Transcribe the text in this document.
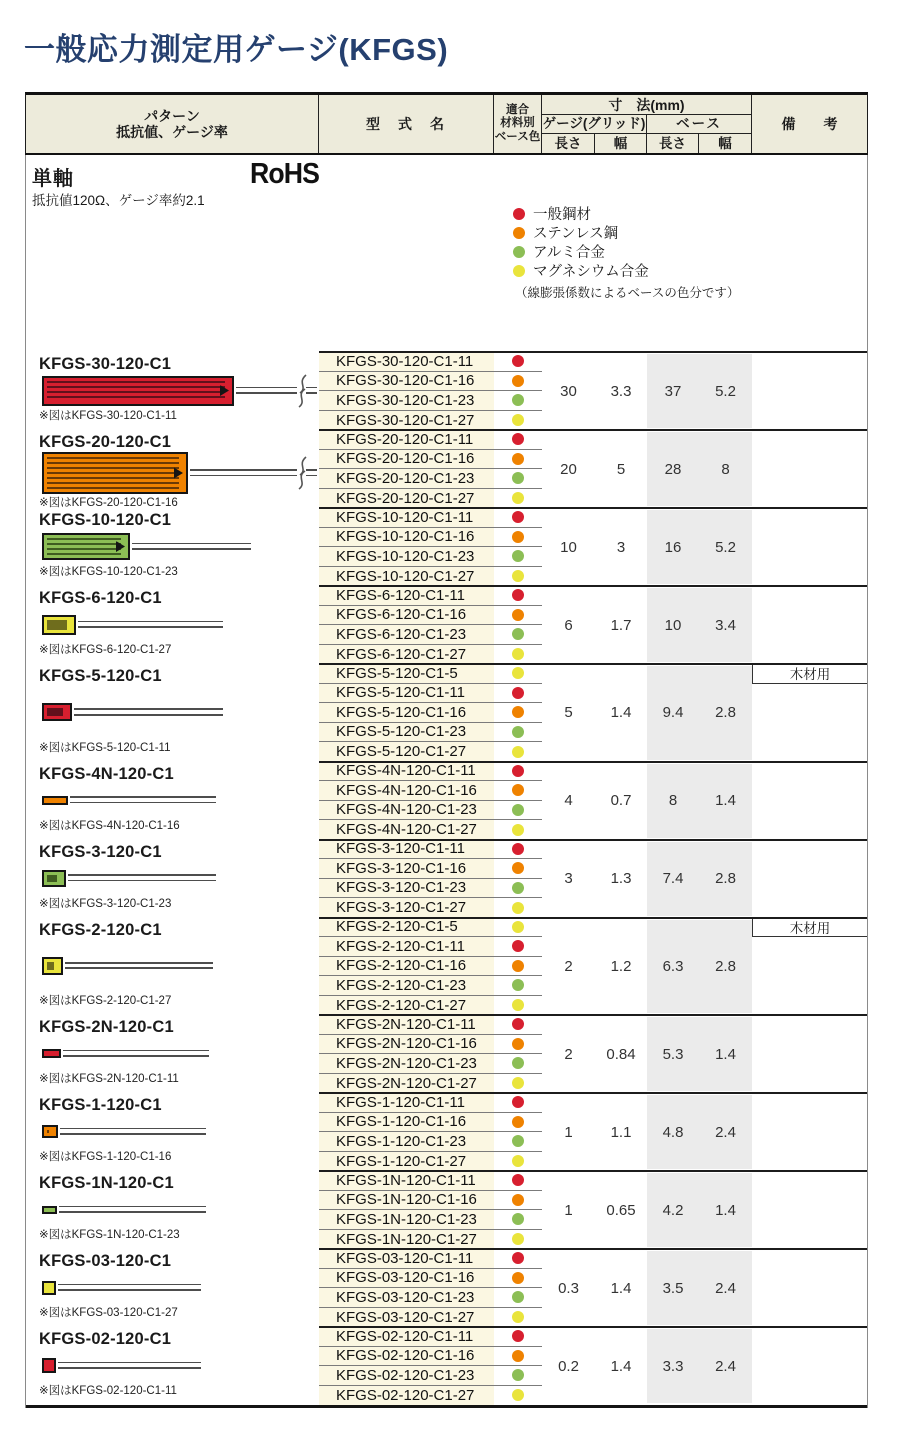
一般応力測定用ゲージ(KFGS)
パターン
抵抗値、ゲージ率	型　式　名
適合
材料別
ベース色
寸　法(mm)
ゲージ(グリッド)	ベース
長さ	幅	長さ	幅
備　　考
単軸
抵抗値120Ω、ゲージ率約2.1
RoHS
一般鋼材
ステンレス鋼
アルミ合金
マグネシウム合金
（線膨張係数によるベースの色分です）
KFGS-30-120-C1
※図はKFGS-30-120-C1-11
KFGS-30-120-C1-11
KFGS-30-120-C1-16
KFGS-30-120-C1-23
KFGS-30-120-C1-27
30	3.3	37	5.2
KFGS-20-120-C1
※図はKFGS-20-120-C1-16
KFGS-20-120-C1-11
KFGS-20-120-C1-16
KFGS-20-120-C1-23
KFGS-20-120-C1-27
20	5	28	8
KFGS-10-120-C1
※図はKFGS-10-120-C1-23
KFGS-10-120-C1-11
KFGS-10-120-C1-16
KFGS-10-120-C1-23
KFGS-10-120-C1-27
10	3	16	5.2
KFGS-6-120-C1
※図はKFGS-6-120-C1-27
KFGS-6-120-C1-11
KFGS-6-120-C1-16
KFGS-6-120-C1-23
KFGS-6-120-C1-27
6	1.7	10	3.4
KFGS-5-120-C1
※図はKFGS-5-120-C1-11
KFGS-5-120-C1-5	木材用
KFGS-5-120-C1-11
KFGS-5-120-C1-16
KFGS-5-120-C1-23
KFGS-5-120-C1-27
5	1.4	9.4	2.8
KFGS-4N-120-C1
※図はKFGS-4N-120-C1-16
KFGS-4N-120-C1-11
KFGS-4N-120-C1-16
KFGS-4N-120-C1-23
KFGS-4N-120-C1-27
4	0.7	8	1.4
KFGS-3-120-C1
※図はKFGS-3-120-C1-23
KFGS-3-120-C1-11
KFGS-3-120-C1-16
KFGS-3-120-C1-23
KFGS-3-120-C1-27
3	1.3	7.4	2.8
KFGS-2-120-C1
※図はKFGS-2-120-C1-27
KFGS-2-120-C1-5	木材用
KFGS-2-120-C1-11
KFGS-2-120-C1-16
KFGS-2-120-C1-23
KFGS-2-120-C1-27
2	1.2	6.3	2.8
KFGS-2N-120-C1
※図はKFGS-2N-120-C1-11
KFGS-2N-120-C1-11
KFGS-2N-120-C1-16
KFGS-2N-120-C1-23
KFGS-2N-120-C1-27
2	0.84	5.3	1.4
KFGS-1-120-C1
※図はKFGS-1-120-C1-16
KFGS-1-120-C1-11
KFGS-1-120-C1-16
KFGS-1-120-C1-23
KFGS-1-120-C1-27
1	1.1	4.8	2.4
KFGS-1N-120-C1
※図はKFGS-1N-120-C1-23
KFGS-1N-120-C1-11
KFGS-1N-120-C1-16
KFGS-1N-120-C1-23
KFGS-1N-120-C1-27
1	0.65	4.2	1.4
KFGS-03-120-C1
※図はKFGS-03-120-C1-27
KFGS-03-120-C1-11
KFGS-03-120-C1-16
KFGS-03-120-C1-23
KFGS-03-120-C1-27
0.3	1.4	3.5	2.4
KFGS-02-120-C1
※図はKFGS-02-120-C1-11
KFGS-02-120-C1-11
KFGS-02-120-C1-16
KFGS-02-120-C1-23
KFGS-02-120-C1-27
0.2	1.4	3.3	2.4
